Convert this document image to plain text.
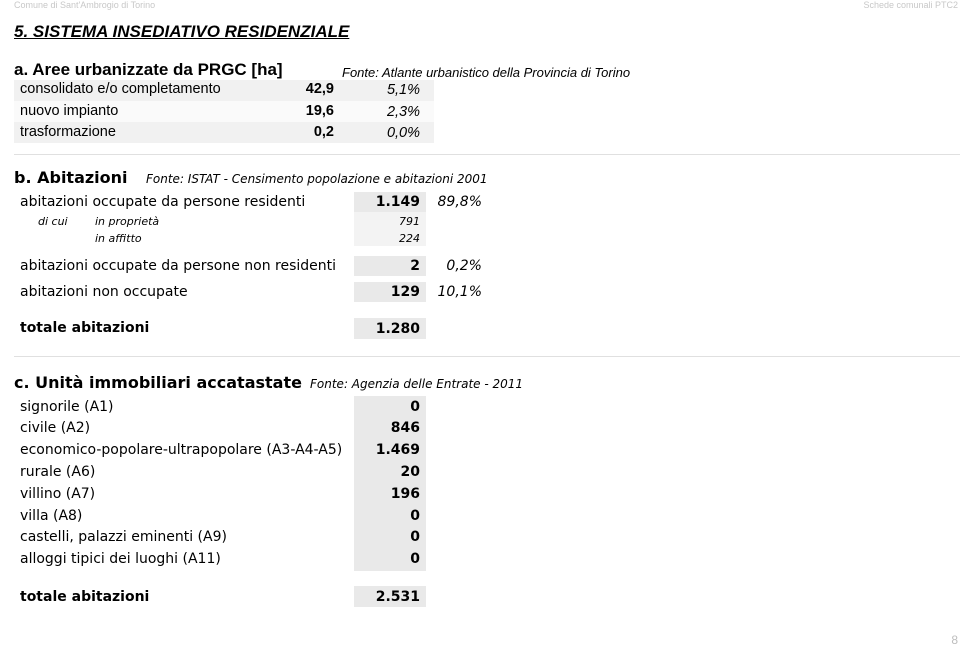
Comune di Sant'Ambrogio di Torino	Schede comunali PTC2
5. SISTEMA INSEDIATIVO RESIDENZIALE
a. Aree urbanizzate da PRGC [ha]	Fonte: Atlante urbanistico della Provincia di Torino
consolidato e/o completamento	42,9	5,1%
nuovo impianto	19,6	2,3%
trasformazione	0,2	0,0%
b. Abitazioni Fonte: ISTAT - Censimento popolazione e abitazioni 2001
abitazioni occupate da persone residenti	1.149	89,8%
di cui in proprietà	791
in affitto	224
abitazioni occupate da persone non residenti	2	0,2%
abitazioni non occupate	129	10,1%
totale abitazioni	1.280
c. Unità immobiliari accatastate Fonte: Agenzia delle Entrate - 2011
signorile (A1)	0
civile (A2)	846
economico-popolare-ultrapopolare (A3-A4-A5)	1.469
rurale (A6)	20
villino (A7)	196
villa (A8)	0
castelli, palazzi eminenti (A9)	0
alloggi tipici dei luoghi (A11)	0
totale abitazioni	2.531
8
